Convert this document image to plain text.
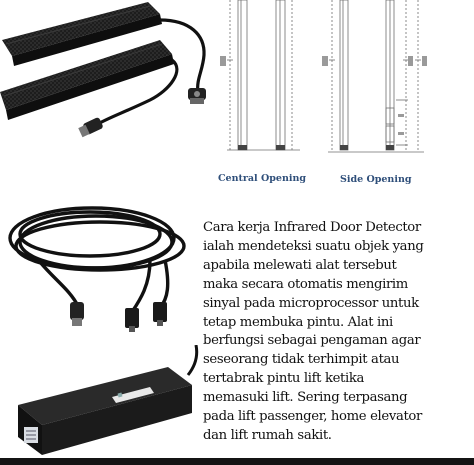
Central Opening	Side Opening

Cara kerja Infrared Door Detector
ialah mendeteksi suatu objek yang
apabila melewati alat tersebut
maka secara otomatis mengirim
sinyal pada microprocessor untuk
tetap membuka pintu. Alat ini
berfungsi sebagai pengaman agar
seseorang tidak terhimpit atau
tertabrak pintu lift ketika
memasuki lift. Sering terpasang
pada lift passenger, home elevator
dan lift rumah sakit.
